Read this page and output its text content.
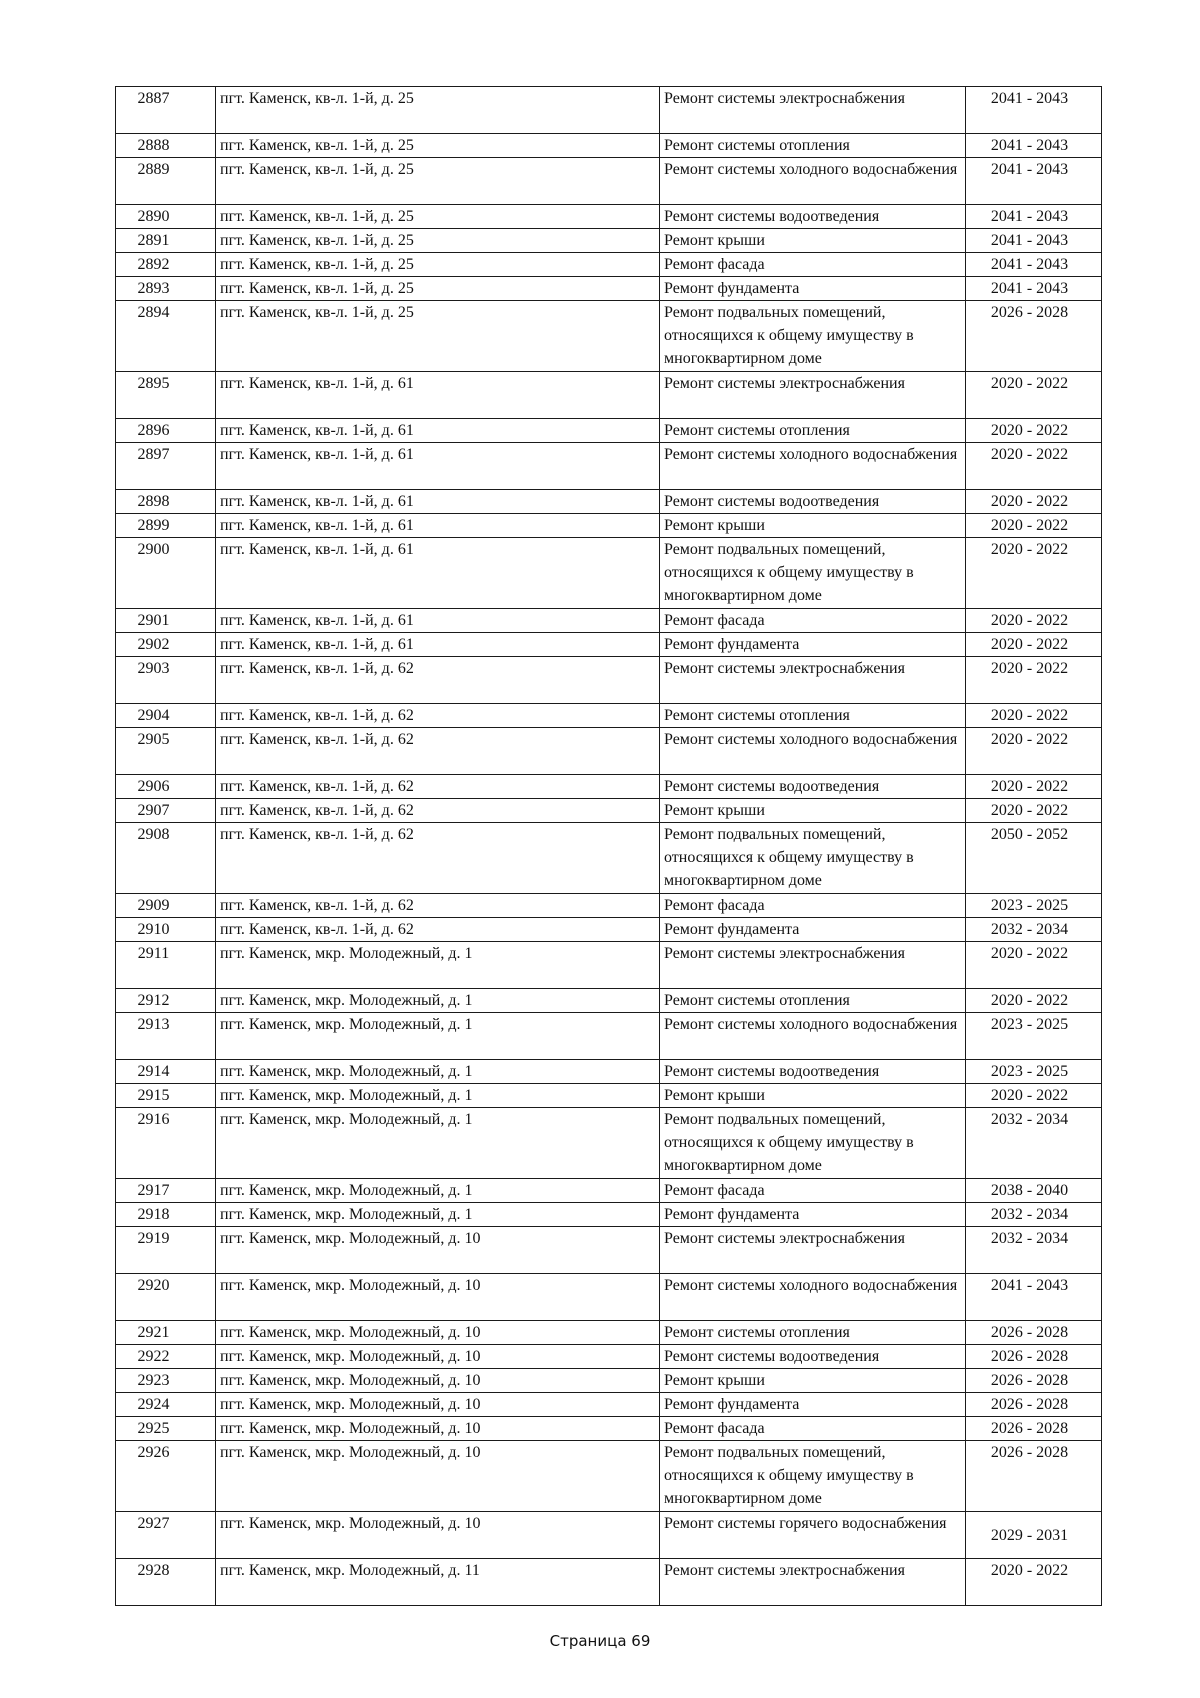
2887	пгт. Каменск, кв-л. 1-й, д. 25	Ремонт системы электроснабжения	2041 - 2043
2888	пгт. Каменск, кв-л. 1-й, д. 25	Ремонт системы отопления	2041 - 2043
2889	пгт. Каменск, кв-л. 1-й, д. 25	Ремонт системы холодного водоснабжения	2041 - 2043
2890	пгт. Каменск, кв-л. 1-й, д. 25	Ремонт системы водоотведения	2041 - 2043
2891	пгт. Каменск, кв-л. 1-й, д. 25	Ремонт крыши	2041 - 2043
2892	пгт. Каменск, кв-л. 1-й, д. 25	Ремонт фасада	2041 - 2043
2893	пгт. Каменск, кв-л. 1-й, д. 25	Ремонт фундамента	2041 - 2043
2894	пгт. Каменск, кв-л. 1-й, д. 25	Ремонт подвальных помещений, относящихся к общему имуществу в многоквартирном доме	2026 - 2028
2895	пгт. Каменск, кв-л. 1-й, д. 61	Ремонт системы электроснабжения	2020 - 2022
2896	пгт. Каменск, кв-л. 1-й, д. 61	Ремонт системы отопления	2020 - 2022
2897	пгт. Каменск, кв-л. 1-й, д. 61	Ремонт системы холодного водоснабжения	2020 - 2022
2898	пгт. Каменск, кв-л. 1-й, д. 61	Ремонт системы водоотведения	2020 - 2022
2899	пгт. Каменск, кв-л. 1-й, д. 61	Ремонт крыши	2020 - 2022
2900	пгт. Каменск, кв-л. 1-й, д. 61	Ремонт подвальных помещений, относящихся к общему имуществу в многоквартирном доме	2020 - 2022
2901	пгт. Каменск, кв-л. 1-й, д. 61	Ремонт фасада	2020 - 2022
2902	пгт. Каменск, кв-л. 1-й, д. 61	Ремонт фундамента	2020 - 2022
2903	пгт. Каменск, кв-л. 1-й, д. 62	Ремонт системы электроснабжения	2020 - 2022
2904	пгт. Каменск, кв-л. 1-й, д. 62	Ремонт системы отопления	2020 - 2022
2905	пгт. Каменск, кв-л. 1-й, д. 62	Ремонт системы холодного водоснабжения	2020 - 2022
2906	пгт. Каменск, кв-л. 1-й, д. 62	Ремонт системы водоотведения	2020 - 2022
2907	пгт. Каменск, кв-л. 1-й, д. 62	Ремонт крыши	2020 - 2022
2908	пгт. Каменск, кв-л. 1-й, д. 62	Ремонт подвальных помещений, относящихся к общему имуществу в многоквартирном доме	2050 - 2052
2909	пгт. Каменск, кв-л. 1-й, д. 62	Ремонт фасада	2023 - 2025
2910	пгт. Каменск, кв-л. 1-й, д. 62	Ремонт фундамента	2032 - 2034
2911	пгт. Каменск, мкр. Молодежный, д. 1	Ремонт системы электроснабжения	2020 - 2022
2912	пгт. Каменск, мкр. Молодежный, д. 1	Ремонт системы отопления	2020 - 2022
2913	пгт. Каменск, мкр. Молодежный, д. 1	Ремонт системы холодного водоснабжения	2023 - 2025
2914	пгт. Каменск, мкр. Молодежный, д. 1	Ремонт системы водоотведения	2023 - 2025
2915	пгт. Каменск, мкр. Молодежный, д. 1	Ремонт крыши	2020 - 2022
2916	пгт. Каменск, мкр. Молодежный, д. 1	Ремонт подвальных помещений, относящихся к общему имуществу в многоквартирном доме	2032 - 2034
2917	пгт. Каменск, мкр. Молодежный, д. 1	Ремонт фасада	2038 - 2040
2918	пгт. Каменск, мкр. Молодежный, д. 1	Ремонт фундамента	2032 - 2034
2919	пгт. Каменск, мкр. Молодежный, д. 10	Ремонт системы электроснабжения	2032 - 2034
2920	пгт. Каменск, мкр. Молодежный, д. 10	Ремонт системы холодного водоснабжения	2041 - 2043
2921	пгт. Каменск, мкр. Молодежный, д. 10	Ремонт системы отопления	2026 - 2028
2922	пгт. Каменск, мкр. Молодежный, д. 10	Ремонт системы водоотведения	2026 - 2028
2923	пгт. Каменск, мкр. Молодежный, д. 10	Ремонт крыши	2026 - 2028
2924	пгт. Каменск, мкр. Молодежный, д. 10	Ремонт фундамента	2026 - 2028
2925	пгт. Каменск, мкр. Молодежный, д. 10	Ремонт фасада	2026 - 2028
2926	пгт. Каменск, мкр. Молодежный, д. 10	Ремонт подвальных помещений, относящихся к общему имуществу в многоквартирном доме	2026 - 2028
2927	пгт. Каменск, мкр. Молодежный, д. 10	Ремонт системы горячего водоснабжения	2029 - 2031
2928	пгт. Каменск, мкр. Молодежный, д. 11	Ремонт системы электроснабжения	2020 - 2022
Страница 69
